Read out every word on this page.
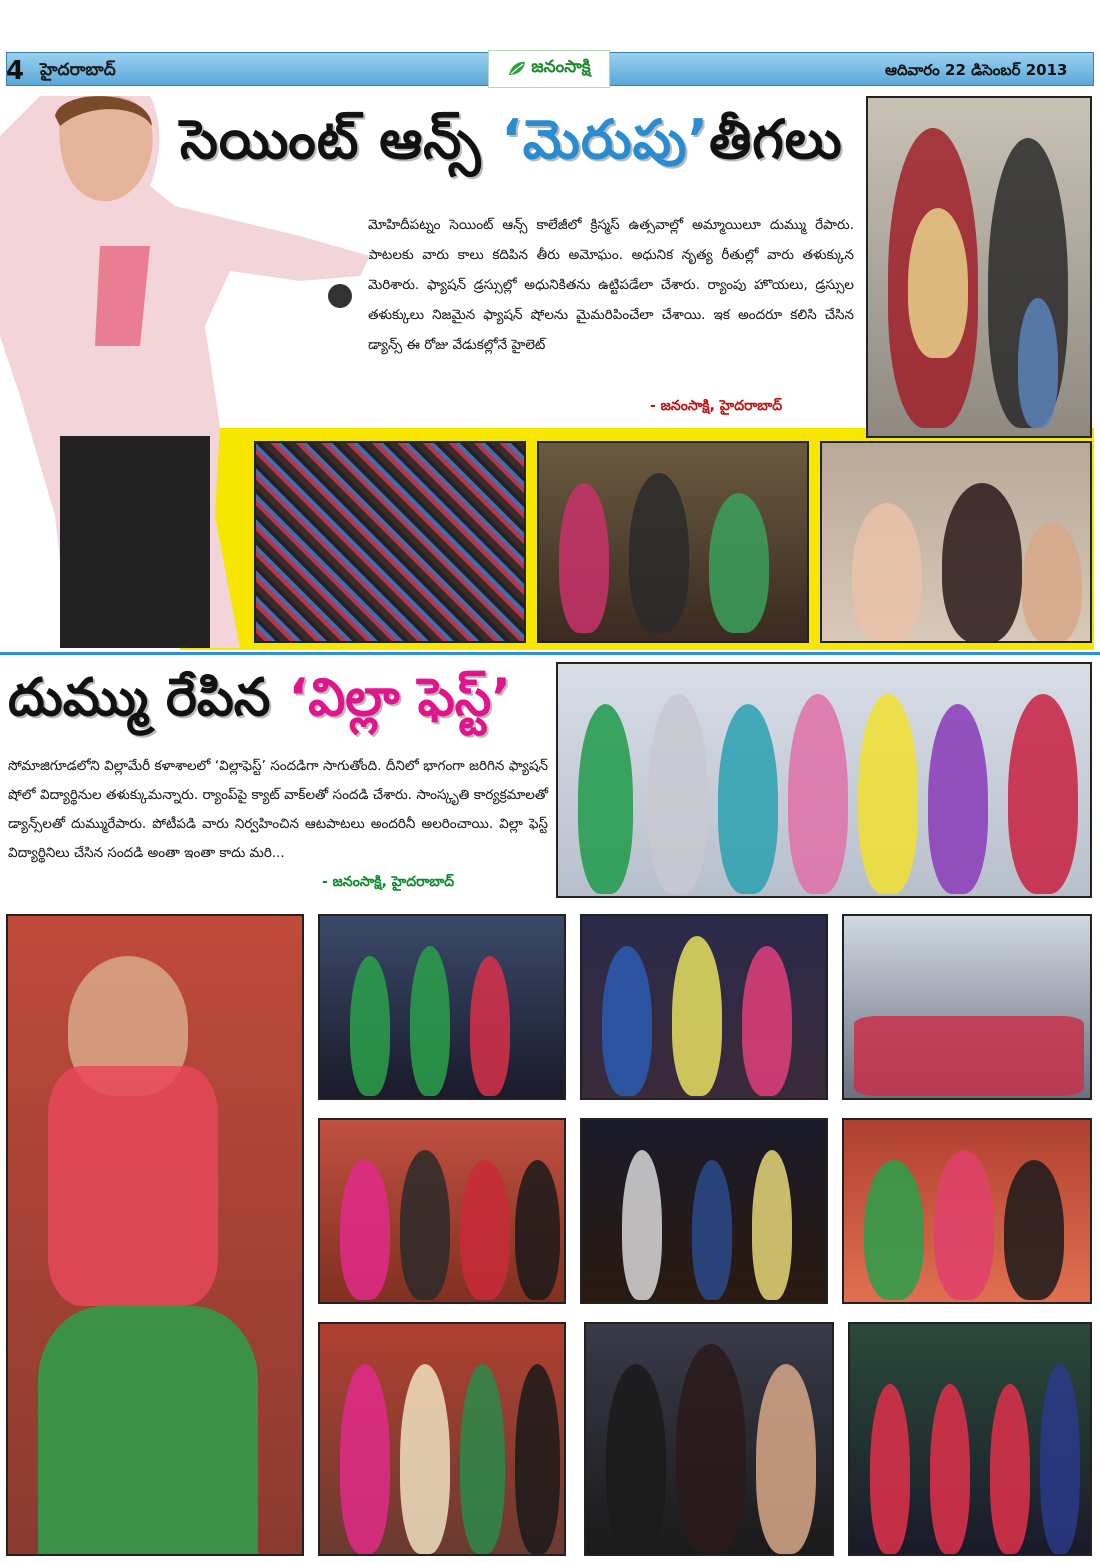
4 హైదరాబాద్	జనంసాక్షి	ఆదివారం 22 డిసెంబర్ 2013
సెయింట్ ఆన్స్ ‘మెరుపు’తీగలు

మోహిదీపట్నం సెయింట్ ఆన్స్ కాలేజీలో క్రిస్మస్ ఉత్సవాల్లో అమ్మాయిలూ దుమ్ము రేపారు. పాటలకు వారు కాలు కదిపిన తీరు అమోఘం. అధునిక నృత్య రీతుల్లో వారు తళుక్కున మెరిశారు. ఫ్యాషన్ డ్రస్సుల్లో అధునికితను ఉట్టిపడేలా చేశారు. ర్యాంపు హొయలు, డ్రస్సుల తళుక్కులు నిజమైన ఫ్యాషన్ షోలను మైమరిపించేలా చేశాయి. ఇక అందరూ కలిసి చేసిన డ్యాన్స్ ఈ రోజు వేడుకల్లోనే హైలెట్

- జనంసాక్షి, హైదరాబాద్
దుమ్ము రేపిన ‘విల్లా ఫెస్ట్’

సోమాజిగూడలోని విల్లామేరీ కళాశాలలో ‘విల్లాఫెస్ట్’ సందడిగా సాగుతోంది. దీనిలో భాగంగా జరిగిన ఫ్యాషన్ షోలో విద్యార్థినుల తళుక్కుమన్నారు. ర్యాంప్‌పై క్యాట్ వాక్‌లతో సందడి చేశారు. సాంస్కృతి కార్యక్రమాలతో డ్యాన్స్‌లతో దుమ్మురేపారు. పోటీపడి వారు నిర్వహించిన ఆటపాటలు అందరినీ అలరించాయి. విల్లా ఫెస్ట్ విద్యార్థినిలు చేసిన సందడి అంతా ఇంతా కాదు మరి...

- జనంసాక్షి, హైదరాబాద్
